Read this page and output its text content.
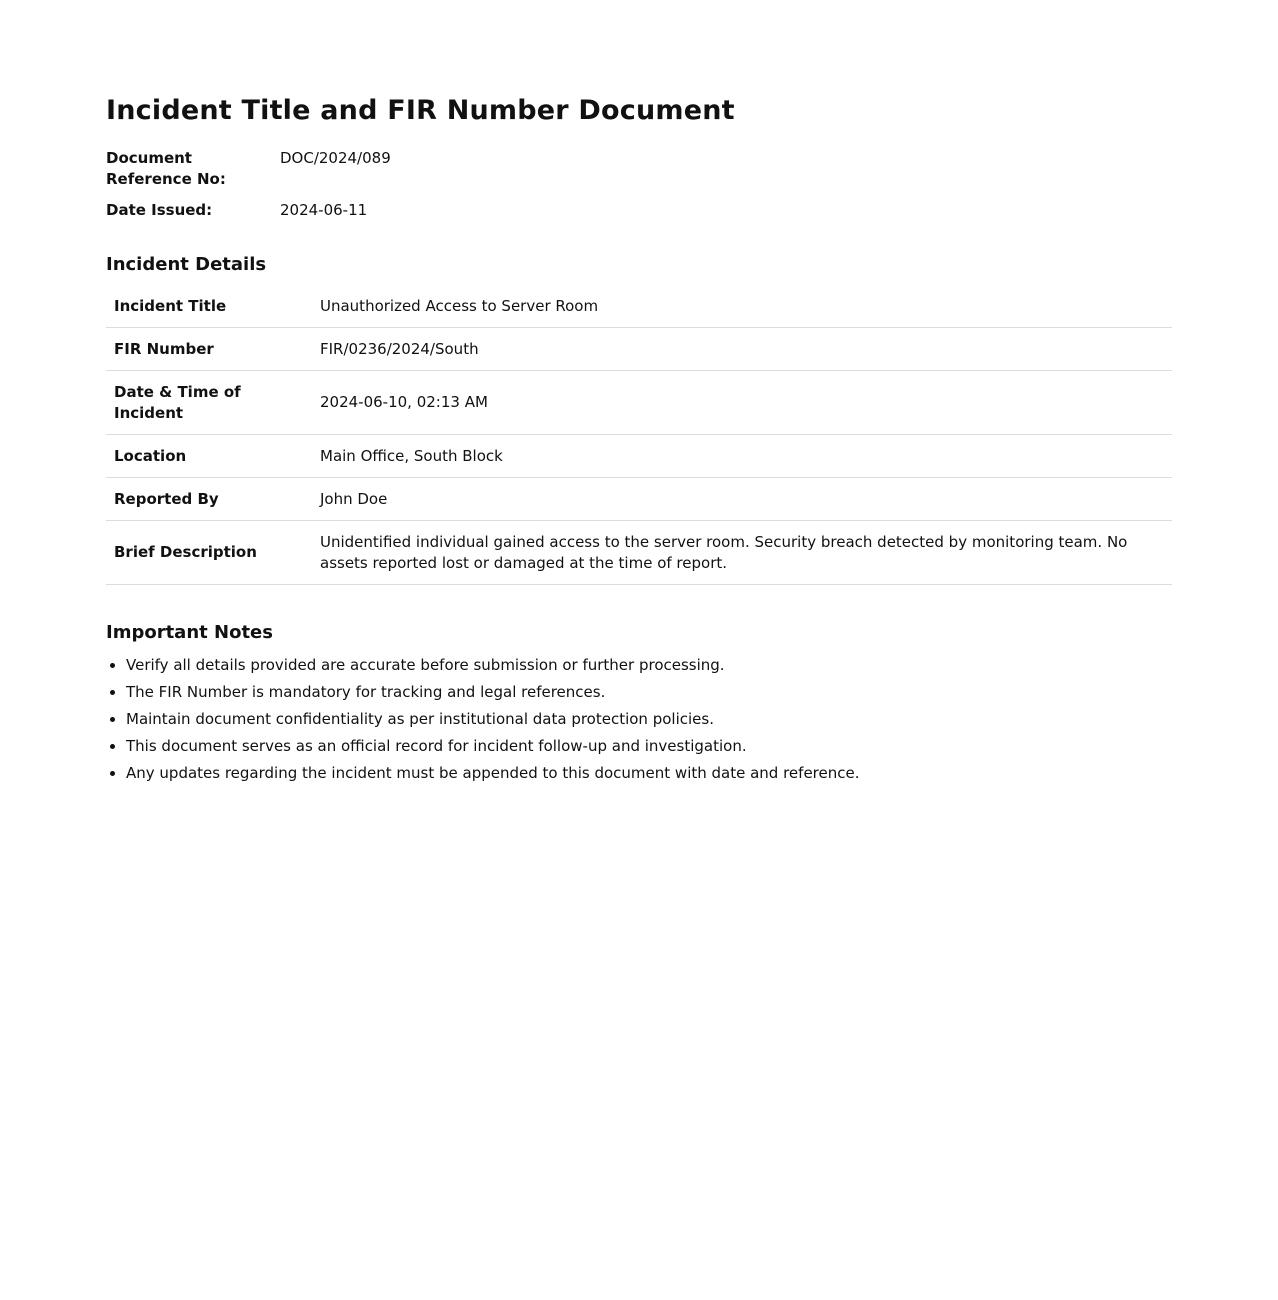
Incident Title and FIR Number Document
Document Reference No:
DOC/2024/089
Date Issued:	2024-06-11
Incident Details
Incident Title	Unauthorized Access to Server Room
FIR Number	FIR/0236/2024/South
Date & Time of Incident	2024-06-10, 02:13 AM
Location	Main Office, South Block
Reported By	John Doe
Brief Description	Unidentified individual gained access to the server room. Security breach detected by monitoring team. No assets reported lost or damaged at the time of report.
Important Notes
• Verify all details provided are accurate before submission or further processing.
• The FIR Number is mandatory for tracking and legal references.
• Maintain document confidentiality as per institutional data protection policies.
• This document serves as an official record for incident follow-up and investigation.
• Any updates regarding the incident must be appended to this document with date and reference.
